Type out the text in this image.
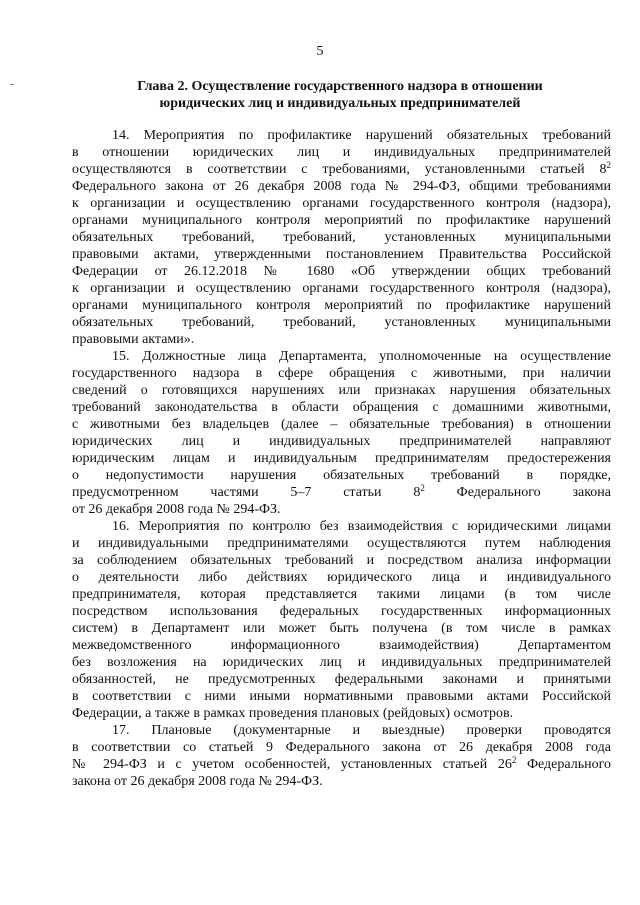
5
Глава 2. Осуществление государственного надзора в отношении
юридических лиц и индивидуальных предпринимателей
14. Мероприятия по профилактике нарушений обязательных требований
в отношении юридических лиц и индивидуальных предпринимателей
осуществляются в соответствии с требованиями, установленными статьей $8^2$
Федерального закона от 26 декабря 2008 года № 294-ФЗ, общими требованиями
к организации и осуществлению органами государственного контроля (надзора),
органами муниципального контроля мероприятий по профилактике нарушений
обязательных требований, требований, установленных муниципальными
правовыми актами, утвержденными постановлением Правительства Российской
Федерации от 26.12.2018 № 1680 «Об утверждении общих требований
к организации и осуществлению органами государственного контроля (надзора),
органами муниципального контроля мероприятий по профилактике нарушений
обязательных требований, требований, установленных муниципальными
правовыми актами».
15. Должностные лица Департамента, уполномоченные на осуществление
государственного надзора в сфере обращения с животными, при наличии
сведений о готовящихся нарушениях или признаках нарушения обязательных
требований законодательства в области обращения с домашними животными,
с животными без владельцев (далее – обязательные требования) в отношении
юридических лиц и индивидуальных предпринимателей направляют
юридическим лицам и индивидуальным предпринимателям предостережения
о недопустимости нарушения обязательных требований в порядке,
предусмотренном частями 5–7 статьи $8^2$ Федерального закона
от 26 декабря 2008 года № 294-ФЗ.
16. Мероприятия по контролю без взаимодействия с юридическими лицами
и индивидуальными предпринимателями осуществляются путем наблюдения
за соблюдением обязательных требований и посредством анализа информации
о деятельности либо действиях юридического лица и индивидуального
предпринимателя, которая представляется такими лицами (в том числе
посредством использования федеральных государственных информационных
систем) в Департамент или может быть получена (в том числе в рамках
межведомственного информационного взаимодействия) Департаментом
без возложения на юридических лиц и индивидуальных предпринимателей
обязанностей, не предусмотренных федеральными законами и принятыми
в соответствии с ними иными нормативными правовыми актами Российской
Федерации, а также в рамках проведения плановых (рейдовых) осмотров.
17. Плановые (документарные и выездные) проверки проводятся
в соответствии со статьей 9 Федерального закона от 26 декабря 2008 года
№ 294-ФЗ и с учетом особенностей, установленных статьей $26^2$ Федерального
закона от 26 декабря 2008 года № 294-ФЗ.
